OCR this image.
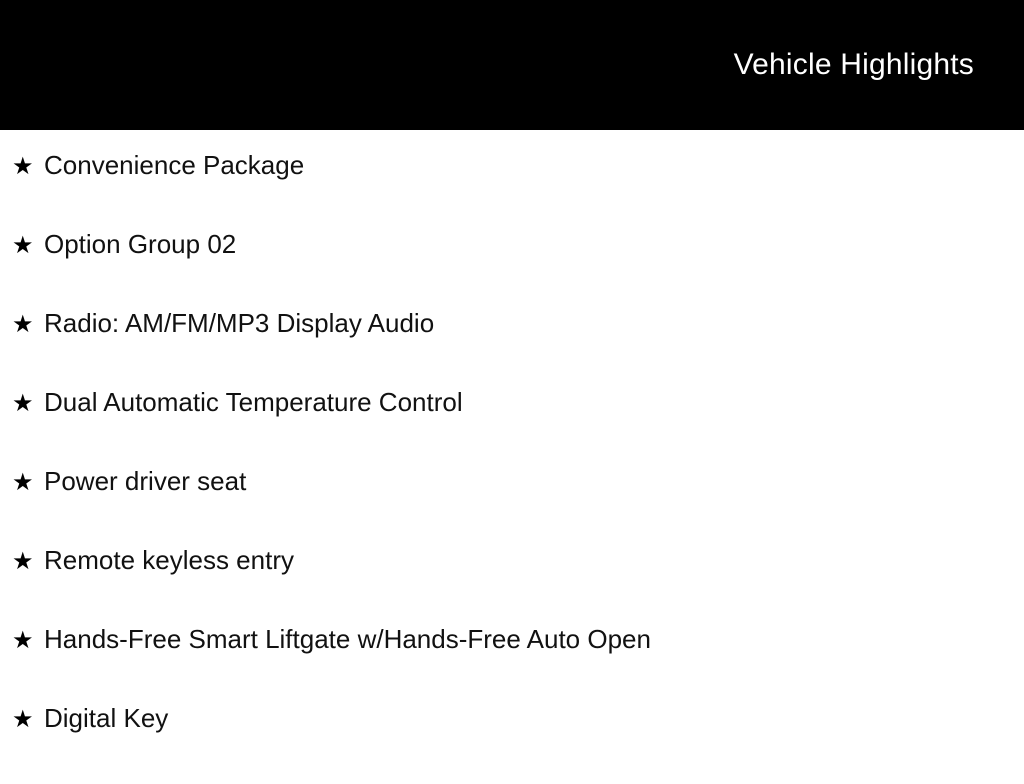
Vehicle Highlights
★ Convenience Package
★ Option Group 02
★ Radio: AM/FM/MP3 Display Audio
★ Dual Automatic Temperature Control
★ Power driver seat
★ Remote keyless entry
★ Hands-Free Smart Liftgate w/Hands-Free Auto Open
★ Digital Key
